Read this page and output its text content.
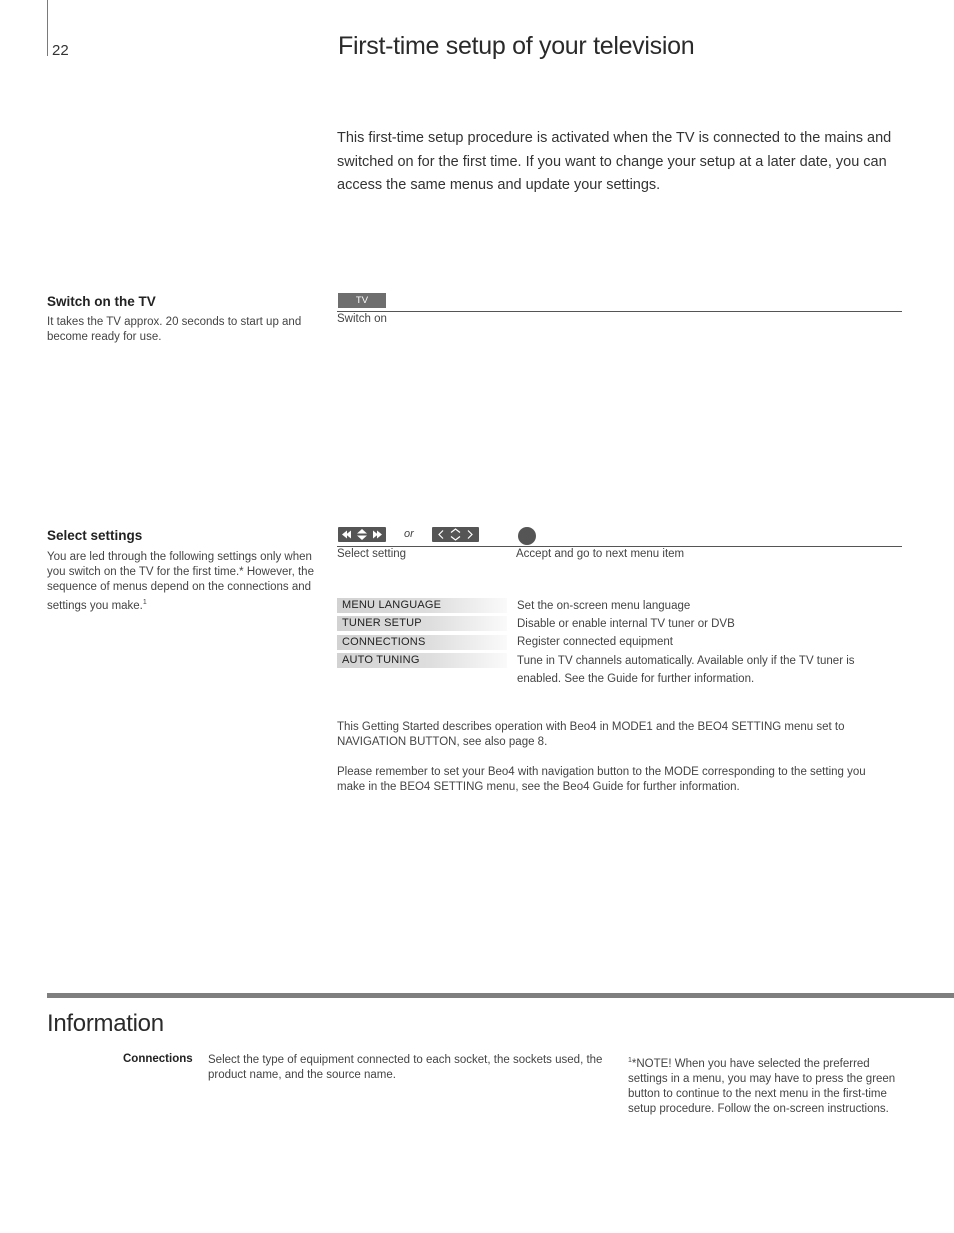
22	First-time setup of your television
This first-time setup procedure is activated when the TV is connected to the mains and switched on for the first time. If you want to change your setup at a later date, you can access the same menus and update your settings.
Switch on the TV
It takes the TV approx. 20 seconds to start up and become ready for use.
TV
Switch on
Select settings
You are led through the following settings only when you switch on the TV for the first time.* However, the sequence of menus depend on the connections and settings you make.$^1$
or
Select setting	Accept and go to next menu item
MENU LANGUAGE	Set the on-screen menu language
TUNER SETUP	Disable or enable internal TV tuner or DVB
CONNECTIONS	Register connected equipment
AUTO TUNING	Tune in TV channels automatically. Available only if the TV tuner is enabled. See the Guide for further information.
This Getting Started describes operation with Beo4 in MODE1 and the BEO4 SETTING menu set to NAVIGATION BUTTON, see also page 8.
Please remember to set your Beo4 with navigation button to the MODE corresponding to the setting you make in the BEO4 SETTING menu, see the Beo4 Guide for further information.
Information
Connections Select the type of equipment connected to each socket, the sockets used, the product name, and the source name.
$^1$*NOTE! When you have selected the preferred settings in a menu, you may have to press the green button to continue to the next menu in the first-time setup procedure. Follow the on-screen instructions.
